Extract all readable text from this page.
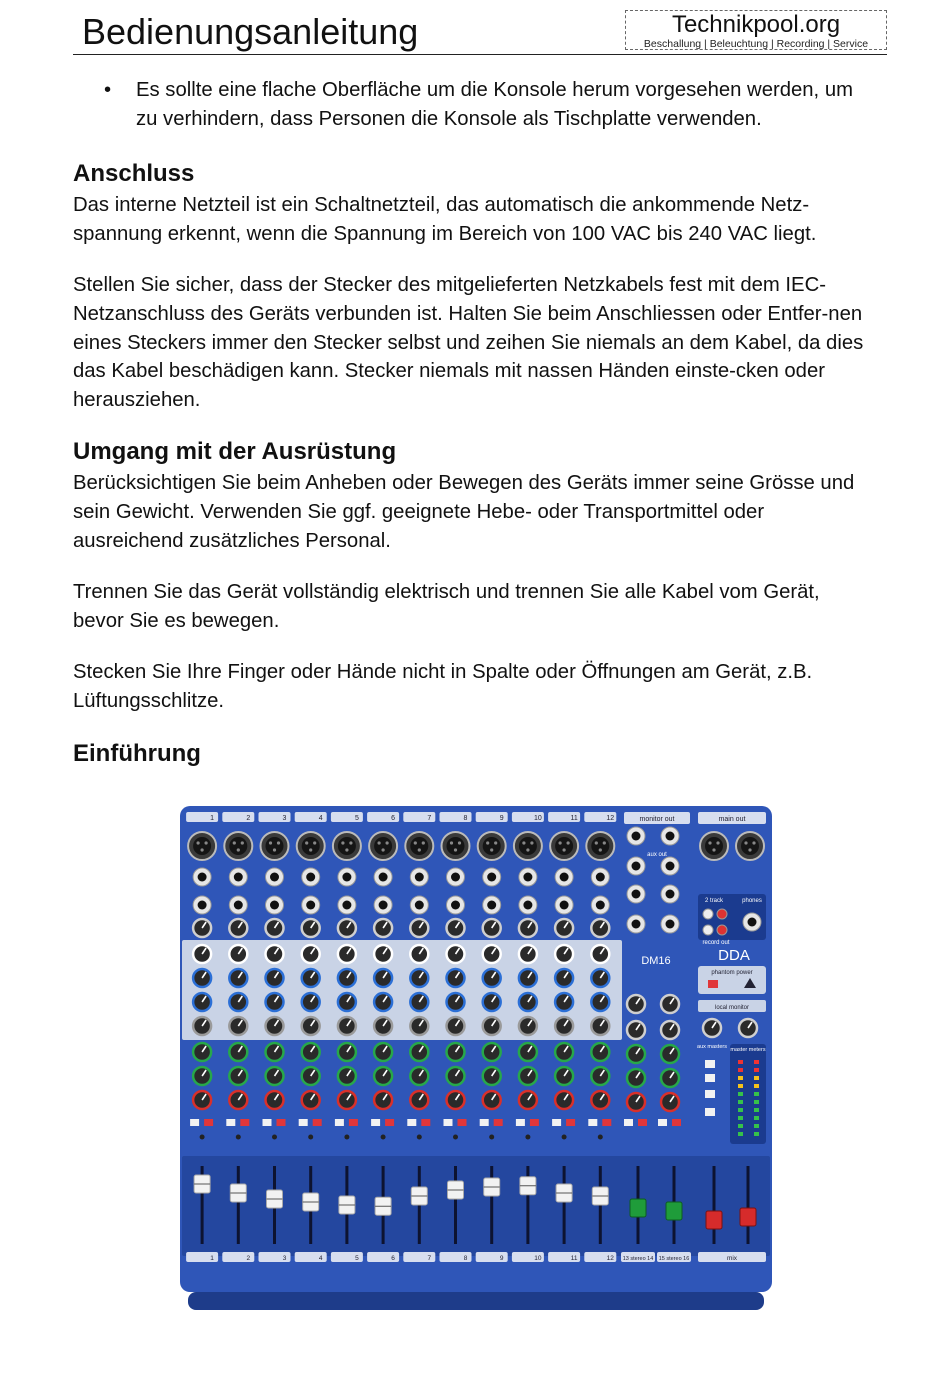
Bedienungsanleitung	Technikpool.org
Beschallung | Beleuchtung | Recording | Service
• Es sollte eine flache Oberfläche um die Konsole herum vorgesehen werden, um zu verhindern, dass Personen die Konsole als Tischplatte verwenden.
Anschluss

Das interne Netzteil ist ein Schaltnetzteil, das automatisch die ankommende Netz-spannung erkennt, wenn die Spannung im Bereich von 100 VAC bis 240 VAC liegt.

Stellen Sie sicher, dass der Stecker des mitgelieferten Netzkabels fest mit dem IEC-Netzanschluss des Geräts verbunden ist. Halten Sie beim Anschliessen oder Entfer-nen eines Steckers immer den Stecker selbst und zeihen Sie niemals an dem Kabel, da dies das Kabel beschädigen kann. Stecker niemals mit nassen Händen einste-cken oder herausziehen.

Umgang mit der Ausrüstung

Berücksichtigen Sie beim Anheben oder Bewegen des Geräts immer seine Grösse und sein Gewicht. Verwenden Sie ggf. geeignete Hebe- oder Transportmittel oder ausreichend zusätzliches Personal.

Trennen Sie das Gerät vollständig elektrisch und trennen Sie alle Kabel vom Gerät, bevor Sie es bewegen.

Stecken Sie Ihre Finger oder Hände nicht in Spalte oder Öffnungen am Gerät, z.B. Lüftungsschlitze.

Einführung
1	2	3	4	5	6	7	8	9	10	11	12	monitor out
aux out
main out
2 track	phones
record out
DDA
DM16
phantom power
local monitor
aux masters master meters
1	2	3	4	5	6	7	8	9	10	11	12 13 stereo 14 15 stereo 16	mix
